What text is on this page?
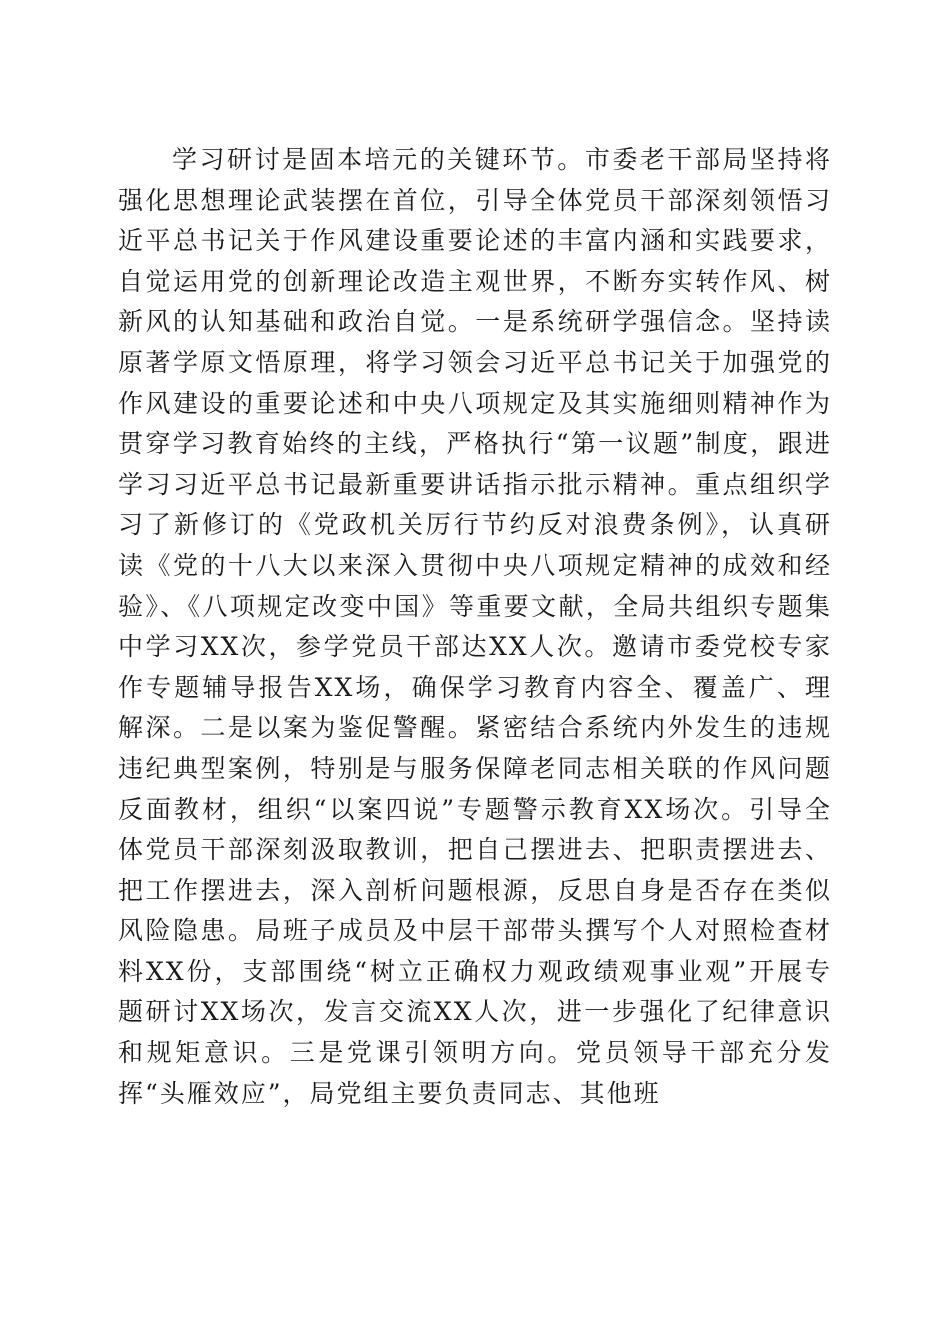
学习研讨是固本培元的关键环节。市委老干部局坚持将强化思想理论武装摆在首位，引导全体党员干部深刻领悟习近平总书记关于作风建设重要论述的丰富内涵和实践要求，自觉运用党的创新理论改造主观世界，不断夯实转作风、树新风的认知基础和政治自觉。一是系统研学强信念。坚持读原著学原文悟原理，将学习领会习近平总书记关于加强党的作风建设的重要论述和中央八项规定及其实施细则精神作为贯穿学习教育始终的主线，严格执行“第一议题”制度，跟进学习习近平总书记最新重要讲话指示批示精神。重点组织学习了新修订的《党政机关厉行节约反对浪费条例》，认真研读《党的十八大以来深入贯彻中央八项规定精神的成效和经验》、《八项规定改变中国》等重要文献，全局共组织专题集中学习XX次，参学党员干部达XX人次。邀请市委党校专家作专题辅导报告XX场，确保学习教育内容全、覆盖广、理解深。二是以案为鉴促警醒。紧密结合系统内外发生的违规违纪典型案例，特别是与服务保障老同志相关联的作风问题反面教材，组织“以案四说”专题警示教育XX场次。引导全体党员干部深刻汲取教训，把自己摆进去、把职责摆进去、把工作摆进去，深入剖析问题根源，反思自身是否存在类似风险隐患。局班子成员及中层干部带头撰写个人对照检查材料XX份，支部围绕“树立正确权力观政绩观事业观”开展专题研讨XX场次，发言交流XX人次，进一步强化了纪律意识和规矩意识。三是党课引领明方向。党员领导干部充分发挥“头雁效应”，局党组主要负责同志、其他班
